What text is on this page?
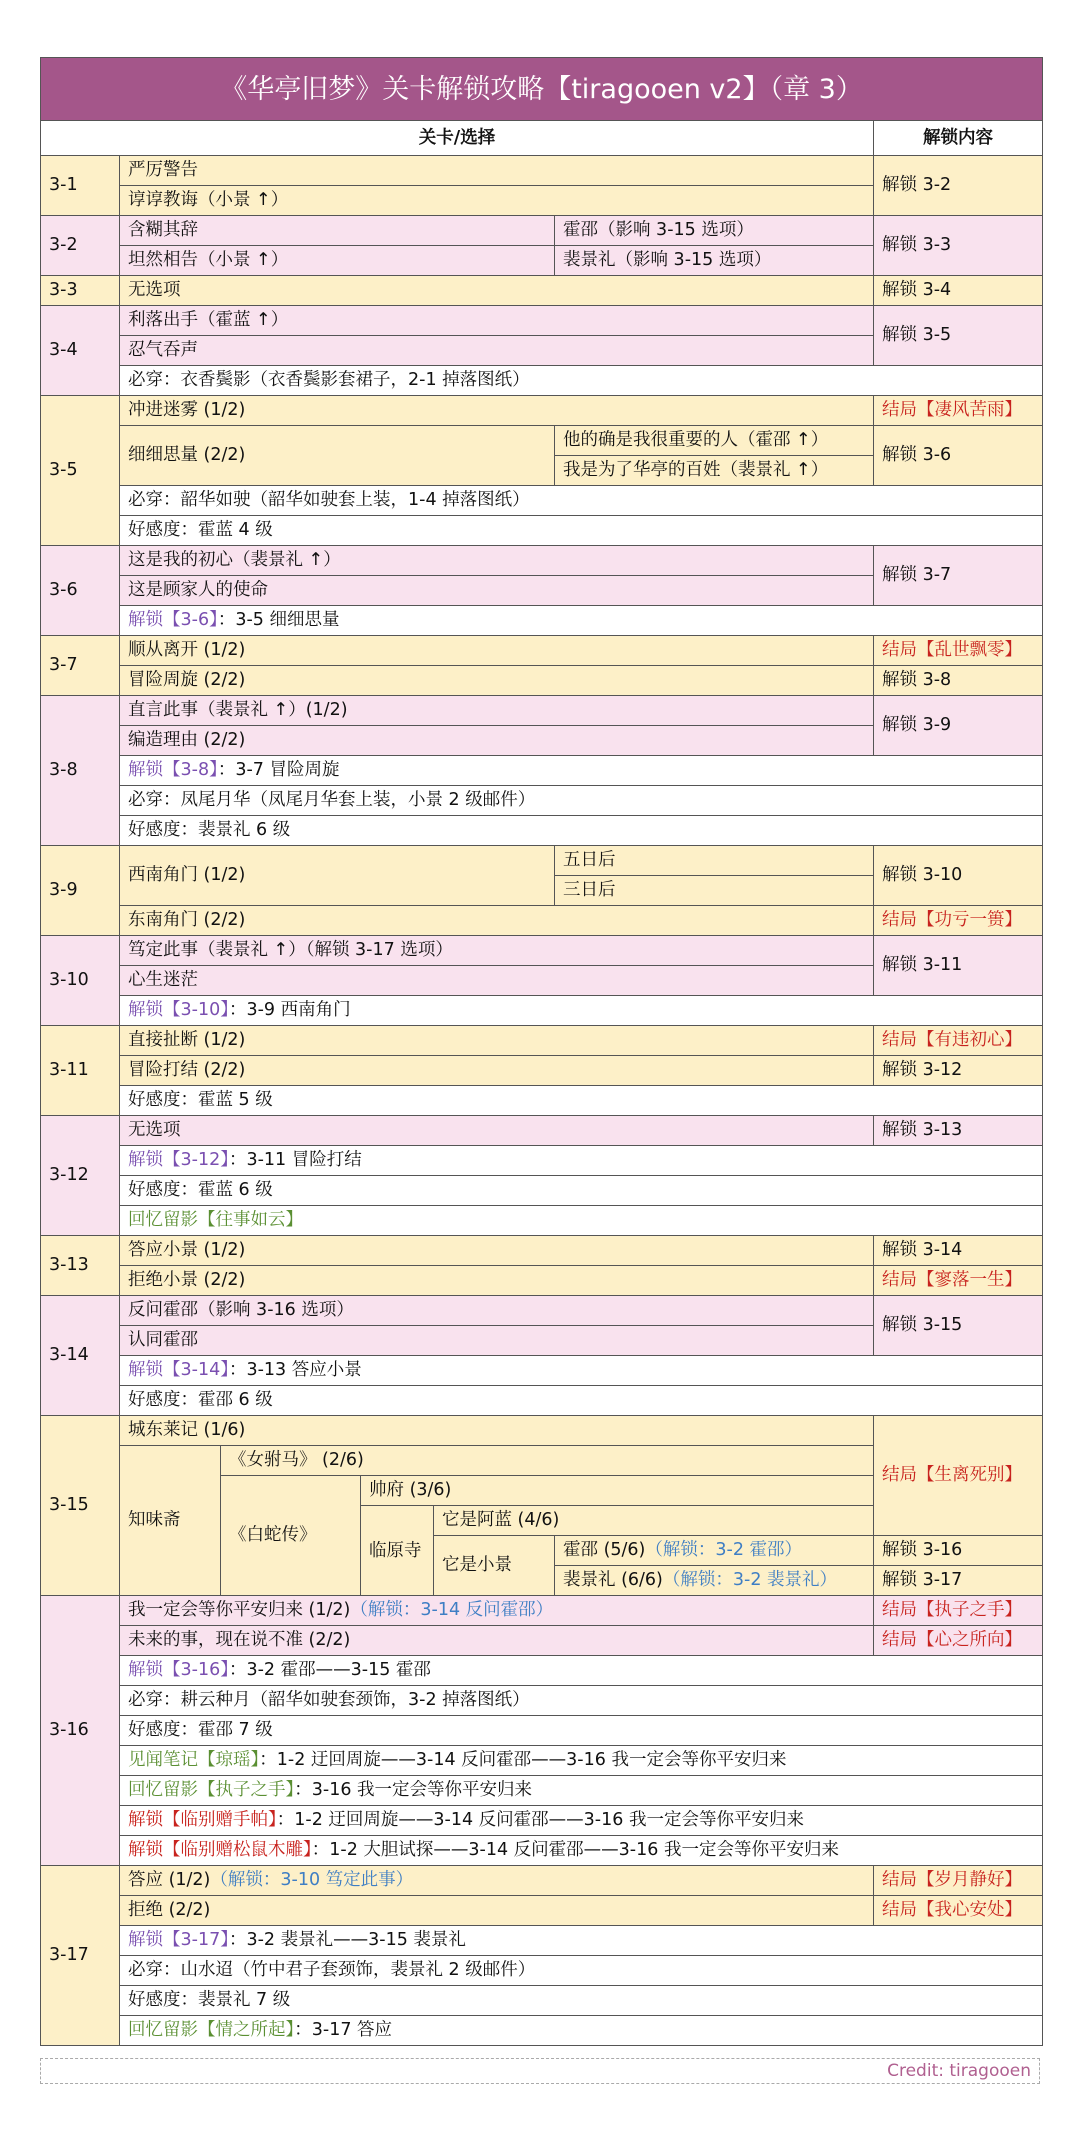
《华亭旧梦》关卡解锁攻略【tiragooen v2】（章 3）						
关卡/选择						解锁内容
3-1	严厉警告					解锁 3-2
	谆谆教诲（小景 ↑）					
3-2	含糊其辞				霍邵（影响 3-15 选项）	解锁 3-3
	坦然相告（小景 ↑）				裴景礼（影响 3-15 选项）	
3-3	无选项					解锁 3-4
3-4	利落出手（霍蓝 ↑）					解锁 3-5
	忍气吞声					
	必穿：衣香鬓影（衣香鬓影套裙子，2-1 掉落图纸）					
3-5	冲进迷雾 (1/2)					结局【凄风苦雨】
	细细思量 (2/2)				他的确是我很重要的人（霍邵 ↑）	解锁 3-6
					我是为了华亭的百姓（裴景礼 ↑）	
	必穿：韶华如驶（韶华如驶套上装，1-4 掉落图纸）					
	好感度：霍蓝 4 级					
3-6	这是我的初心（裴景礼 ↑）					解锁 3-7
	这是顾家人的使命					
	解锁【3-6】：3-5 细细思量					
3-7	顺从离开 (1/2)					结局【乱世飘零】
	冒险周旋 (2/2)					解锁 3-8
3-8	直言此事（裴景礼 ↑）(1/2)					解锁 3-9
	编造理由 (2/2)					
	解锁【3-8】：3-7 冒险周旋					
	必穿：凤尾月华（凤尾月华套上装，小景 2 级邮件）					
	好感度：裴景礼 6 级					
3-9	西南角门 (1/2)				五日后	解锁 3-10
					三日后	
	东南角门 (2/2)					结局【功亏一篑】
3-10	笃定此事（裴景礼 ↑）（解锁 3-17 选项）					解锁 3-11
	心生迷茫					
	解锁【3-10】：3-9 西南角门					
3-11	直接扯断 (1/2)					结局【有违初心】
	冒险打结 (2/2)					解锁 3-12
	好感度：霍蓝 5 级					
3-12	无选项					解锁 3-13
	解锁【3-12】：3-11 冒险打结					
	好感度：霍蓝 6 级					
	回忆留影【往事如云】					
3-13	答应小景 (1/2)					解锁 3-14
	拒绝小景 (2/2)					结局【寥落一生】
3-14	反问霍邵（影响 3-16 选项）					解锁 3-15
	认同霍邵					
	解锁【3-14】：3-13 答应小景					
	好感度：霍邵 6 级					
3-15	城东莱记 (1/6)					结局【生离死别】
	知味斋	《女驸马》 (2/6)				
		《白蛇传》	帅府 (3/6)			
			临原寺	它是阿蓝 (4/6)		
				它是小景	霍邵 (5/6)（解锁：3-2 霍邵）	解锁 3-16
					裴景礼 (6/6)（解锁：3-2 裴景礼）	解锁 3-17
3-16	我一定会等你平安归来 (1/2)（解锁：3-14 反问霍邵）					结局【执子之手】
	未来的事，现在说不准 (2/2)					结局【心之所向】
	解锁【3-16】：3-2 霍邵——3-15 霍邵					
	必穿：耕云种月（韶华如驶套颈饰，3-2 掉落图纸）					
	好感度：霍邵 7 级					
	见闻笔记【琼瑶】：1-2 迂回周旋——3-14 反问霍邵——3-16 我一定会等你平安归来					
	回忆留影【执子之手】：3-16 我一定会等你平安归来					
	解锁【临别赠手帕】：1-2 迂回周旋——3-14 反问霍邵——3-16 我一定会等你平安归来					
	解锁【临别赠松鼠木雕】：1-2 大胆试探——3-14 反问霍邵——3-16 我一定会等你平安归来					
3-17	答应 (1/2)（解锁：3-10 笃定此事）					结局【岁月静好】
	拒绝 (2/2)					结局【我心安处】
	解锁【3-17】：3-2 裴景礼——3-15 裴景礼					
	必穿：山水迢（竹中君子套颈饰，裴景礼 2 级邮件）					
	好感度：裴景礼 7 级					
	回忆留影【情之所起】：3-17 答应					
Credit: tiragooen
